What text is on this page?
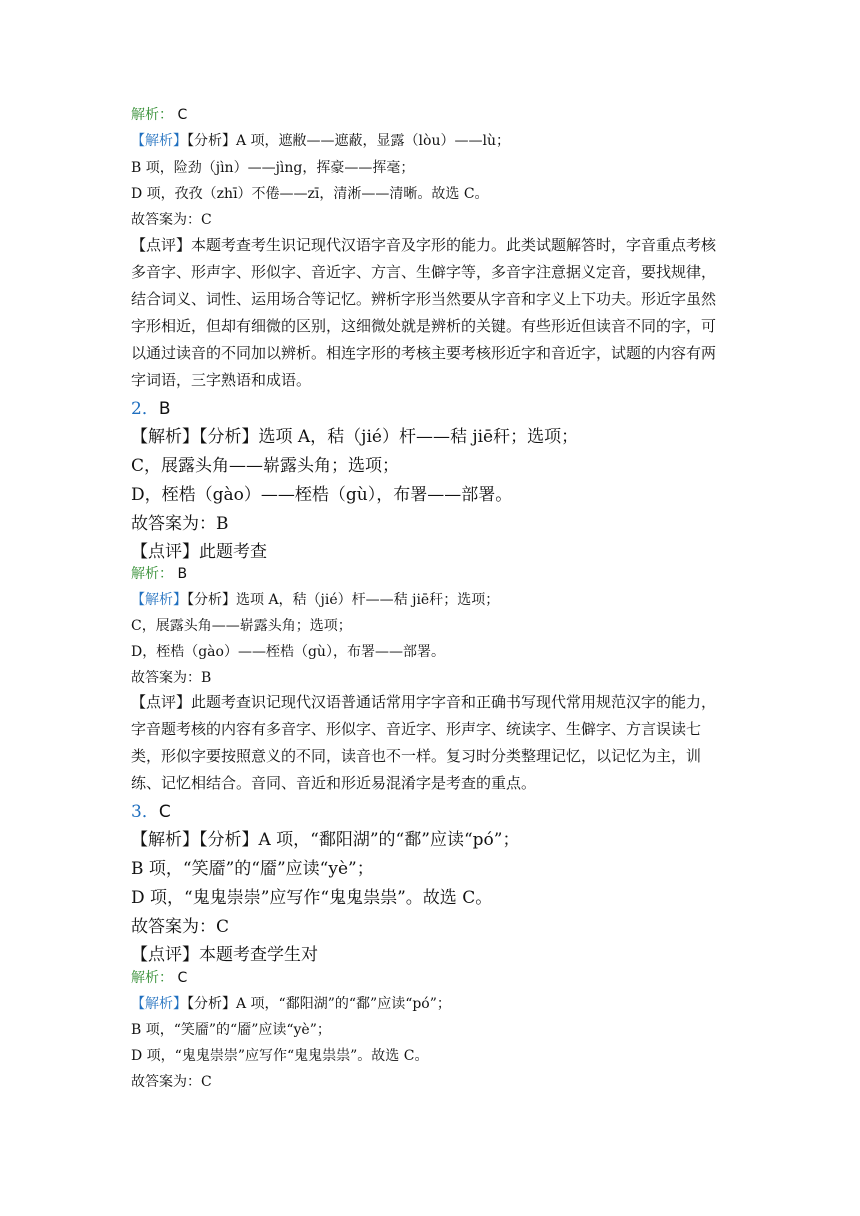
解析： C
【解析】【分析】A 项，遮敝——遮蔽，显露（lòu）——lù；
B 项，险劲（jìn）——jìng，挥豪——挥毫；
D 项，孜孜（zhī）不倦——zī，清淅——清晰。故选 C。
故答案为：C
【点评】本题考查考生识记现代汉语字音及字形的能力。此类试题解答时，字音重点考核
多音字、形声字、形似字、音近字、方言、生僻字等，多音字注意据义定音，要找规律，
结合词义、词性、运用场合等记忆。辨析字形当然要从字音和字义上下功夫。形近字虽然
字形相近，但却有细微的区别，这细微处就是辨析的关键。有些形近但读音不同的字，可
以通过读音的不同加以辨析。相连字形的考核主要考核形近字和音近字，试题的内容有两
字词语，三字熟语和成语。
2．B
【解析】【分析】选项 A，秸（jié）杆——秸 jiē秆；选项；
C，展露头角——崭露头角；选项；
D，桎梏（gào）——桎梏（gù），布署——部署。
故答案为：B
【点评】此题考查
解析： B
【解析】【分析】选项 A，秸（jié）杆——秸 jiē秆；选项；
C，展露头角——崭露头角；选项；
D，桎梏（gào）——桎梏（gù），布署——部署。
故答案为：B
【点评】此题考查识记现代汉语普通话常用字字音和正确书写现代常用规范汉字的能力，
字音题考核的内容有多音字、形似字、音近字、形声字、统读字、生僻字、方言误读七
类，形似字要按照意义的不同，读音也不一样。复习时分类整理记忆，以记忆为主，训
练、记忆相结合。音同、音近和形近易混淆字是考查的重点。
3．C
【解析】【分析】A 项，“鄱阳湖”的“鄱”应读“pó”；
B 项，“笑靥”的“靥”应读“yè”；
D 项，“鬼鬼崇崇”应写作“鬼鬼祟祟”。故选 C。
故答案为：C
【点评】本题考查学生对
解析： C
【解析】【分析】A 项，“鄱阳湖”的“鄱”应读“pó”；
B 项，“笑靥”的“靥”应读“yè”；
D 项，“鬼鬼崇崇”应写作“鬼鬼祟祟”。故选 C。
故答案为：C
